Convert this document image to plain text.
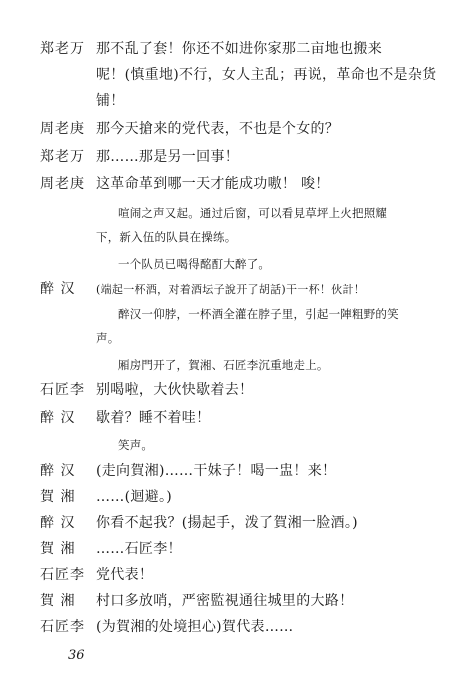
郑老万 那不乱了套！你还不如进你家那二亩地也搬来
呢！(慎重地)不行，女人主乱；再说，革命也不是杂货
铺！
周老庚 那今天搶来的党代表，不也是个女的？
郑老万 那……那是另一回事！
周老庚 这革命革到哪一天才能成功嗷！ 唆！
喧闹之声又起。通过后窗，可以看見草坪上火把照耀
下，新入伍的队員在操练。
一个队员已喝得酩酊大醉了。
醉 汉 (端起一杯酒，对着酒坛子說开了胡話)干一杯！伙計！
醉汉一仰脖，一杯酒全灌在脖子里，引起一陣粗野的笑
声。
厢房門开了，賀湘、石匠李沉重地走上。
石匠李 别喝啦，大伙快歇着去！
醉 汉 歇着？睡不着哇！
笑声。
醉 汉 (走向賀湘)……干妹子！喝一盅！来！
賀 湘 ……(迴避。)
醉 汉 你看不起我？(揚起手，泼了賀湘一脸酒。)
賀 湘 ……石匠李！
石匠李 党代表！
賀 湘 村口多放哨，严密監視通往城里的大路！
石匠李 (为賀湘的处境担心)賀代表……
36
